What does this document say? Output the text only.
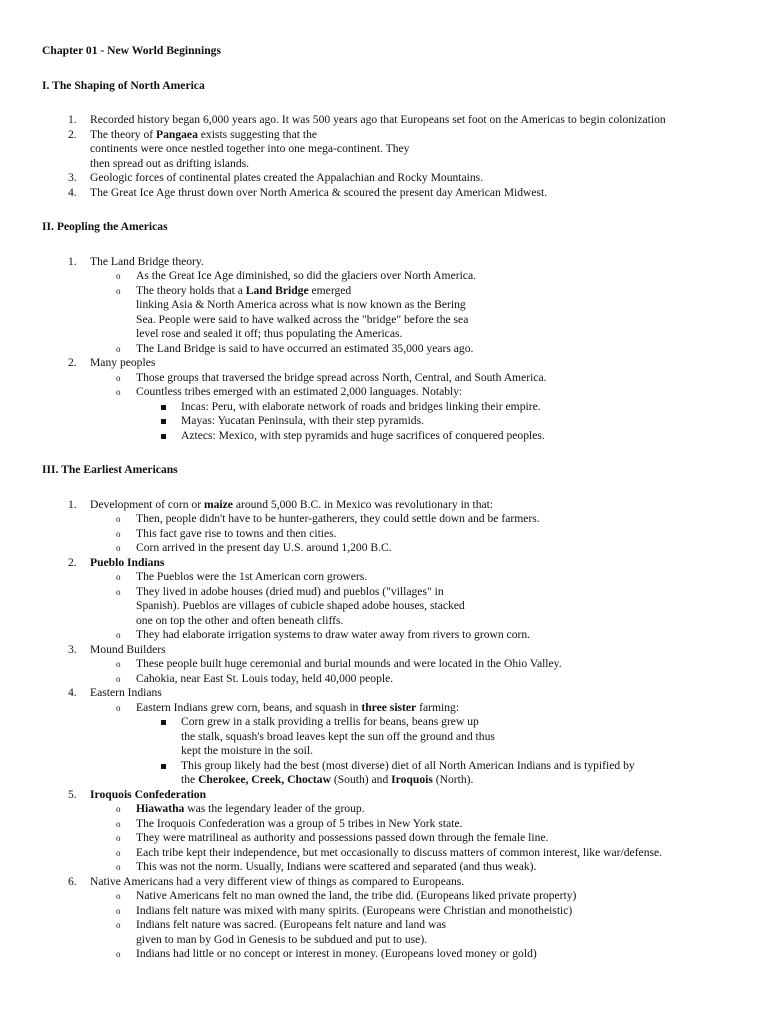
Chapter 01 - New World Beginnings

I. The Shaping of North America

1.	Recorded history began 6,000 years ago. It was 500 years ago that Europeans set foot on the Americas to begin colonization
2.	The theory of Pangaea exists suggesting that the
continents were once nestled together into one mega-continent. They
then spread out as drifting islands.
3.	Geologic forces of continental plates created the Appalachian and Rocky Mountains.
4.	The Great Ice Age thrust down over North America & scoured the present day American Midwest.

II. Peopling the Americas

1.	The Land Bridge theory.
o As the Great Ice Age diminished, so did the glaciers over North America.
o The theory holds that a Land Bridge emerged
linking Asia & North America across what is now known as the Bering
Sea. People were said to have walked across the "bridge" before the sea
level rose and sealed it off; thus populating the Americas.
o The Land Bridge is said to have occurred an estimated 35,000 years ago.
2.	Many peoples
o Those groups that traversed the bridge spread across North, Central, and South America.
o Countless tribes emerged with an estimated 2,000 languages. Notably:
Incas: Peru, with elaborate network of roads and bridges linking their empire.
Mayas: Yucatan Peninsula, with their step pyramids.
Aztecs: Mexico, with step pyramids and huge sacrifices of conquered peoples.

III. The Earliest Americans

1.	Development of corn or maize around 5,000 B.C. in Mexico was revolutionary in that:
o Then, people didn't have to be hunter-gatherers, they could settle down and be farmers.
o This fact gave rise to towns and then cities.
o Corn arrived in the present day U.S. around 1,200 B.C.
2.	Pueblo Indians
o The Pueblos were the 1st American corn growers.
o They lived in adobe houses (dried mud) and pueblos ("villages" in
Spanish). Pueblos are villages of cubicle shaped adobe houses, stacked
one on top the other and often beneath cliffs.
o They had elaborate irrigation systems to draw water away from rivers to grown corn.
3.	Mound Builders
o These people built huge ceremonial and burial mounds and were located in the Ohio Valley.
o Cahokia, near East St. Louis today, held 40,000 people.
4.	Eastern Indians
o Eastern Indians grew corn, beans, and squash in three sister farming:
Corn grew in a stalk providing a trellis for beans, beans grew up
the stalk, squash's broad leaves kept the sun off the ground and thus
kept the moisture in the soil.
This group likely had the best (most diverse) diet of all North American Indians and is typified by
the Cherokee, Creek, Choctaw (South) and Iroquois (North).
5.	Iroquois Confederation
o Hiawatha was the legendary leader of the group.
o The Iroquois Confederation was a group of 5 tribes in New York state.
o They were matrilineal as authority and possessions passed down through the female line.
o Each tribe kept their independence, but met occasionally to discuss matters of common interest, like war/defense.
o This was not the norm. Usually, Indians were scattered and separated (and thus weak).
6.	Native Americans had a very different view of things as compared to Europeans.
o Native Americans felt no man owned the land, the tribe did. (Europeans liked private property)
o Indians felt nature was mixed with many spirits. (Europeans were Christian and monotheistic)
o Indians felt nature was sacred. (Europeans felt nature and land was
given to man by God in Genesis to be subdued and put to use).
o Indians had little or no concept or interest in money. (Europeans loved money or gold)
